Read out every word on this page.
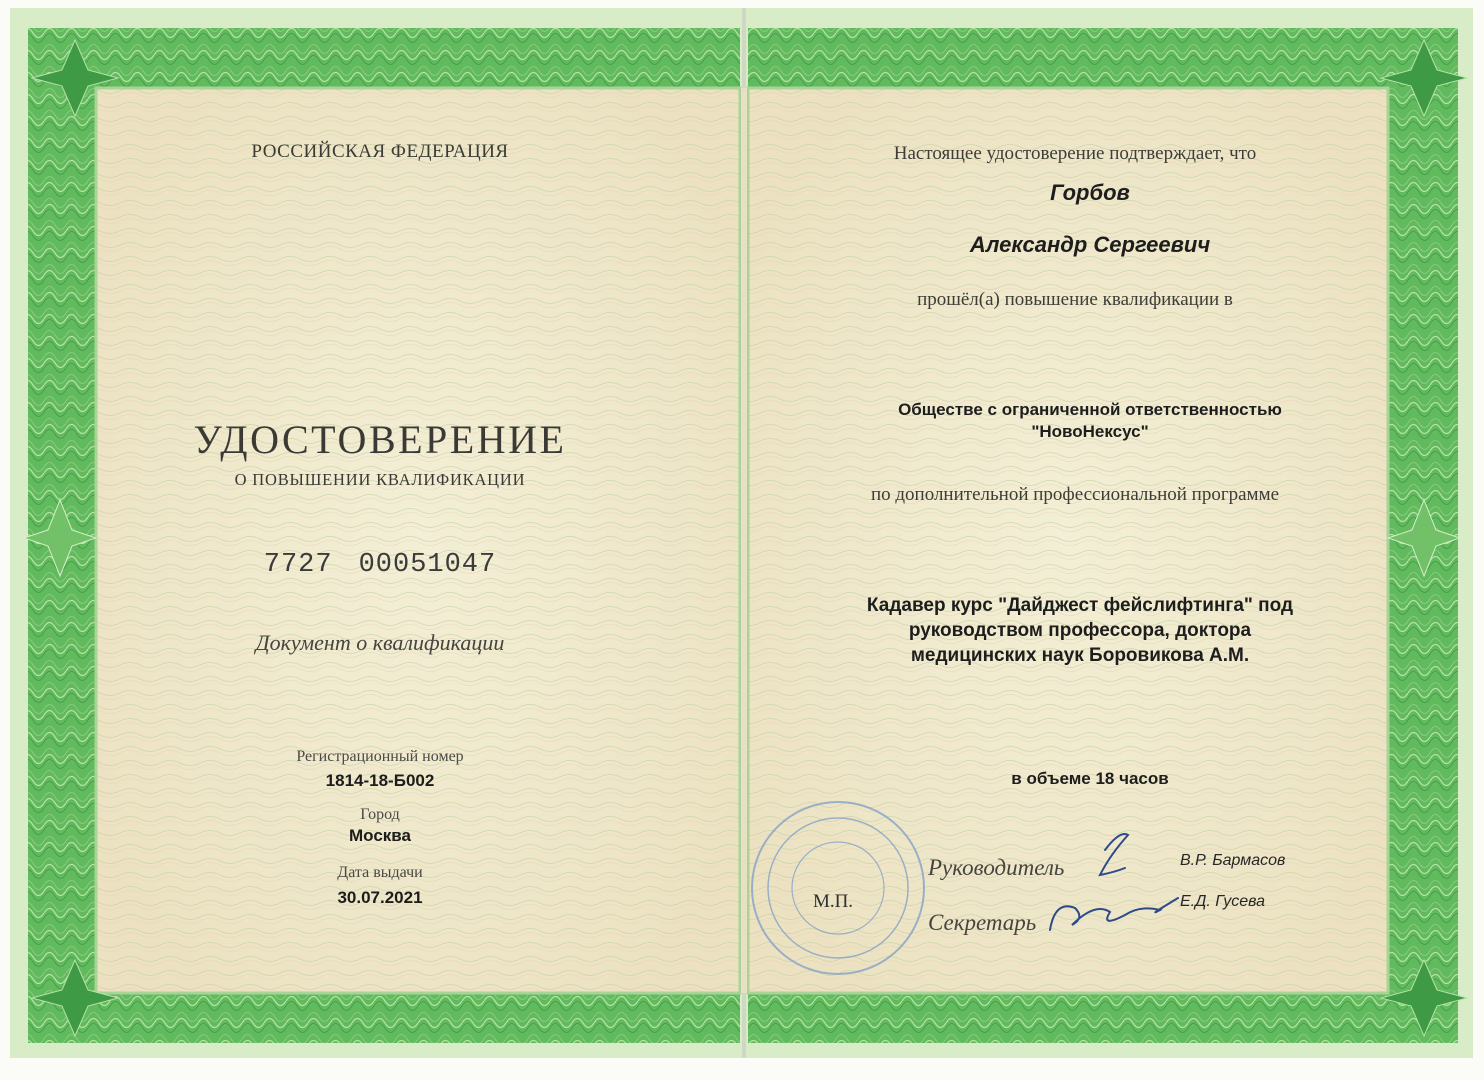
РОССИЙСКАЯ ФЕДЕРАЦИЯ
УДОСТОВЕРЕНИЕ
О ПОВЫШЕНИИ КВАЛИФИКАЦИИ
7727 00051047
Документ о квалификации
Регистрационный номер
1814-18-Б002
Город
Москва
Дата выдачи
30.07.2021
Настоящее удостоверение подтверждает, что
Горбов
Александр Сергеевич
прошёл(а) повышение квалификации в
Обществе с ограниченной ответственностью
"НовоНексус"
по дополнительной профессиональной программе
Кадавер курс "Дайджест фейслифтинга" под
руководством профессора, доктора
медицинских наук Боровикова А.М.
в объеме 18 часов
Руководитель	В.Р. Бармасов
Секретарь
Е.Д. Гусева
М.П.
